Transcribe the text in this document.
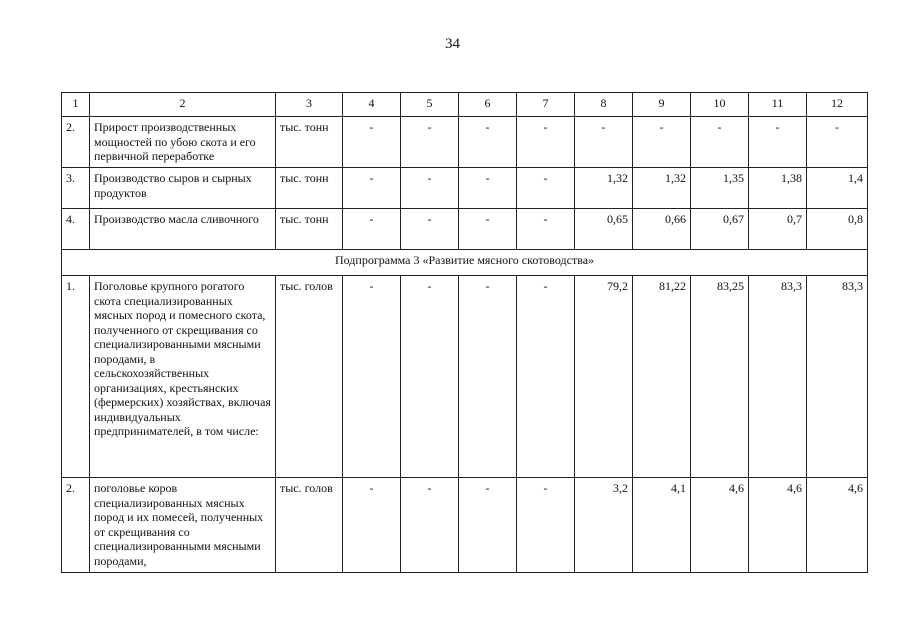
34
1	2	3	4	5	6	7	8	9	10	11	12
2.	Прирост производственных мощностей по убою скота и его первичной переработке	тыс. тонн	-	-	-	-	-	-	-	-	-
3.	Производство сыров и сырных продуктов	тыс. тонн	-	-	-	-	1,32	1,32	1,35	1,38	1,4
4.	Производство масла сливочного	тыс. тонн	-	-	-	-	0,65	0,66	0,67	0,7	0,8
Подпрограмма 3 «Развитие мясного скотоводства»											
1.	Поголовье крупного рогатого скота специализированных мясных пород и помесного скота, полученного от скрещивания со специализированными мясными породами, в сельскохозяйственных организациях, крестьянских (фермерских) хозяйствах, включая индивидуальных предпринимателей, в том числе:	тыс. голов	-	-	-	-	79,2	81,22	83,25	83,3	83,3
2.	поголовье коров специализированных мясных пород и их помесей, полученных от скрещивания со специализированными мясными породами,	тыс. голов	-	-	-	-	3,2	4,1	4,6	4,6	4,6
